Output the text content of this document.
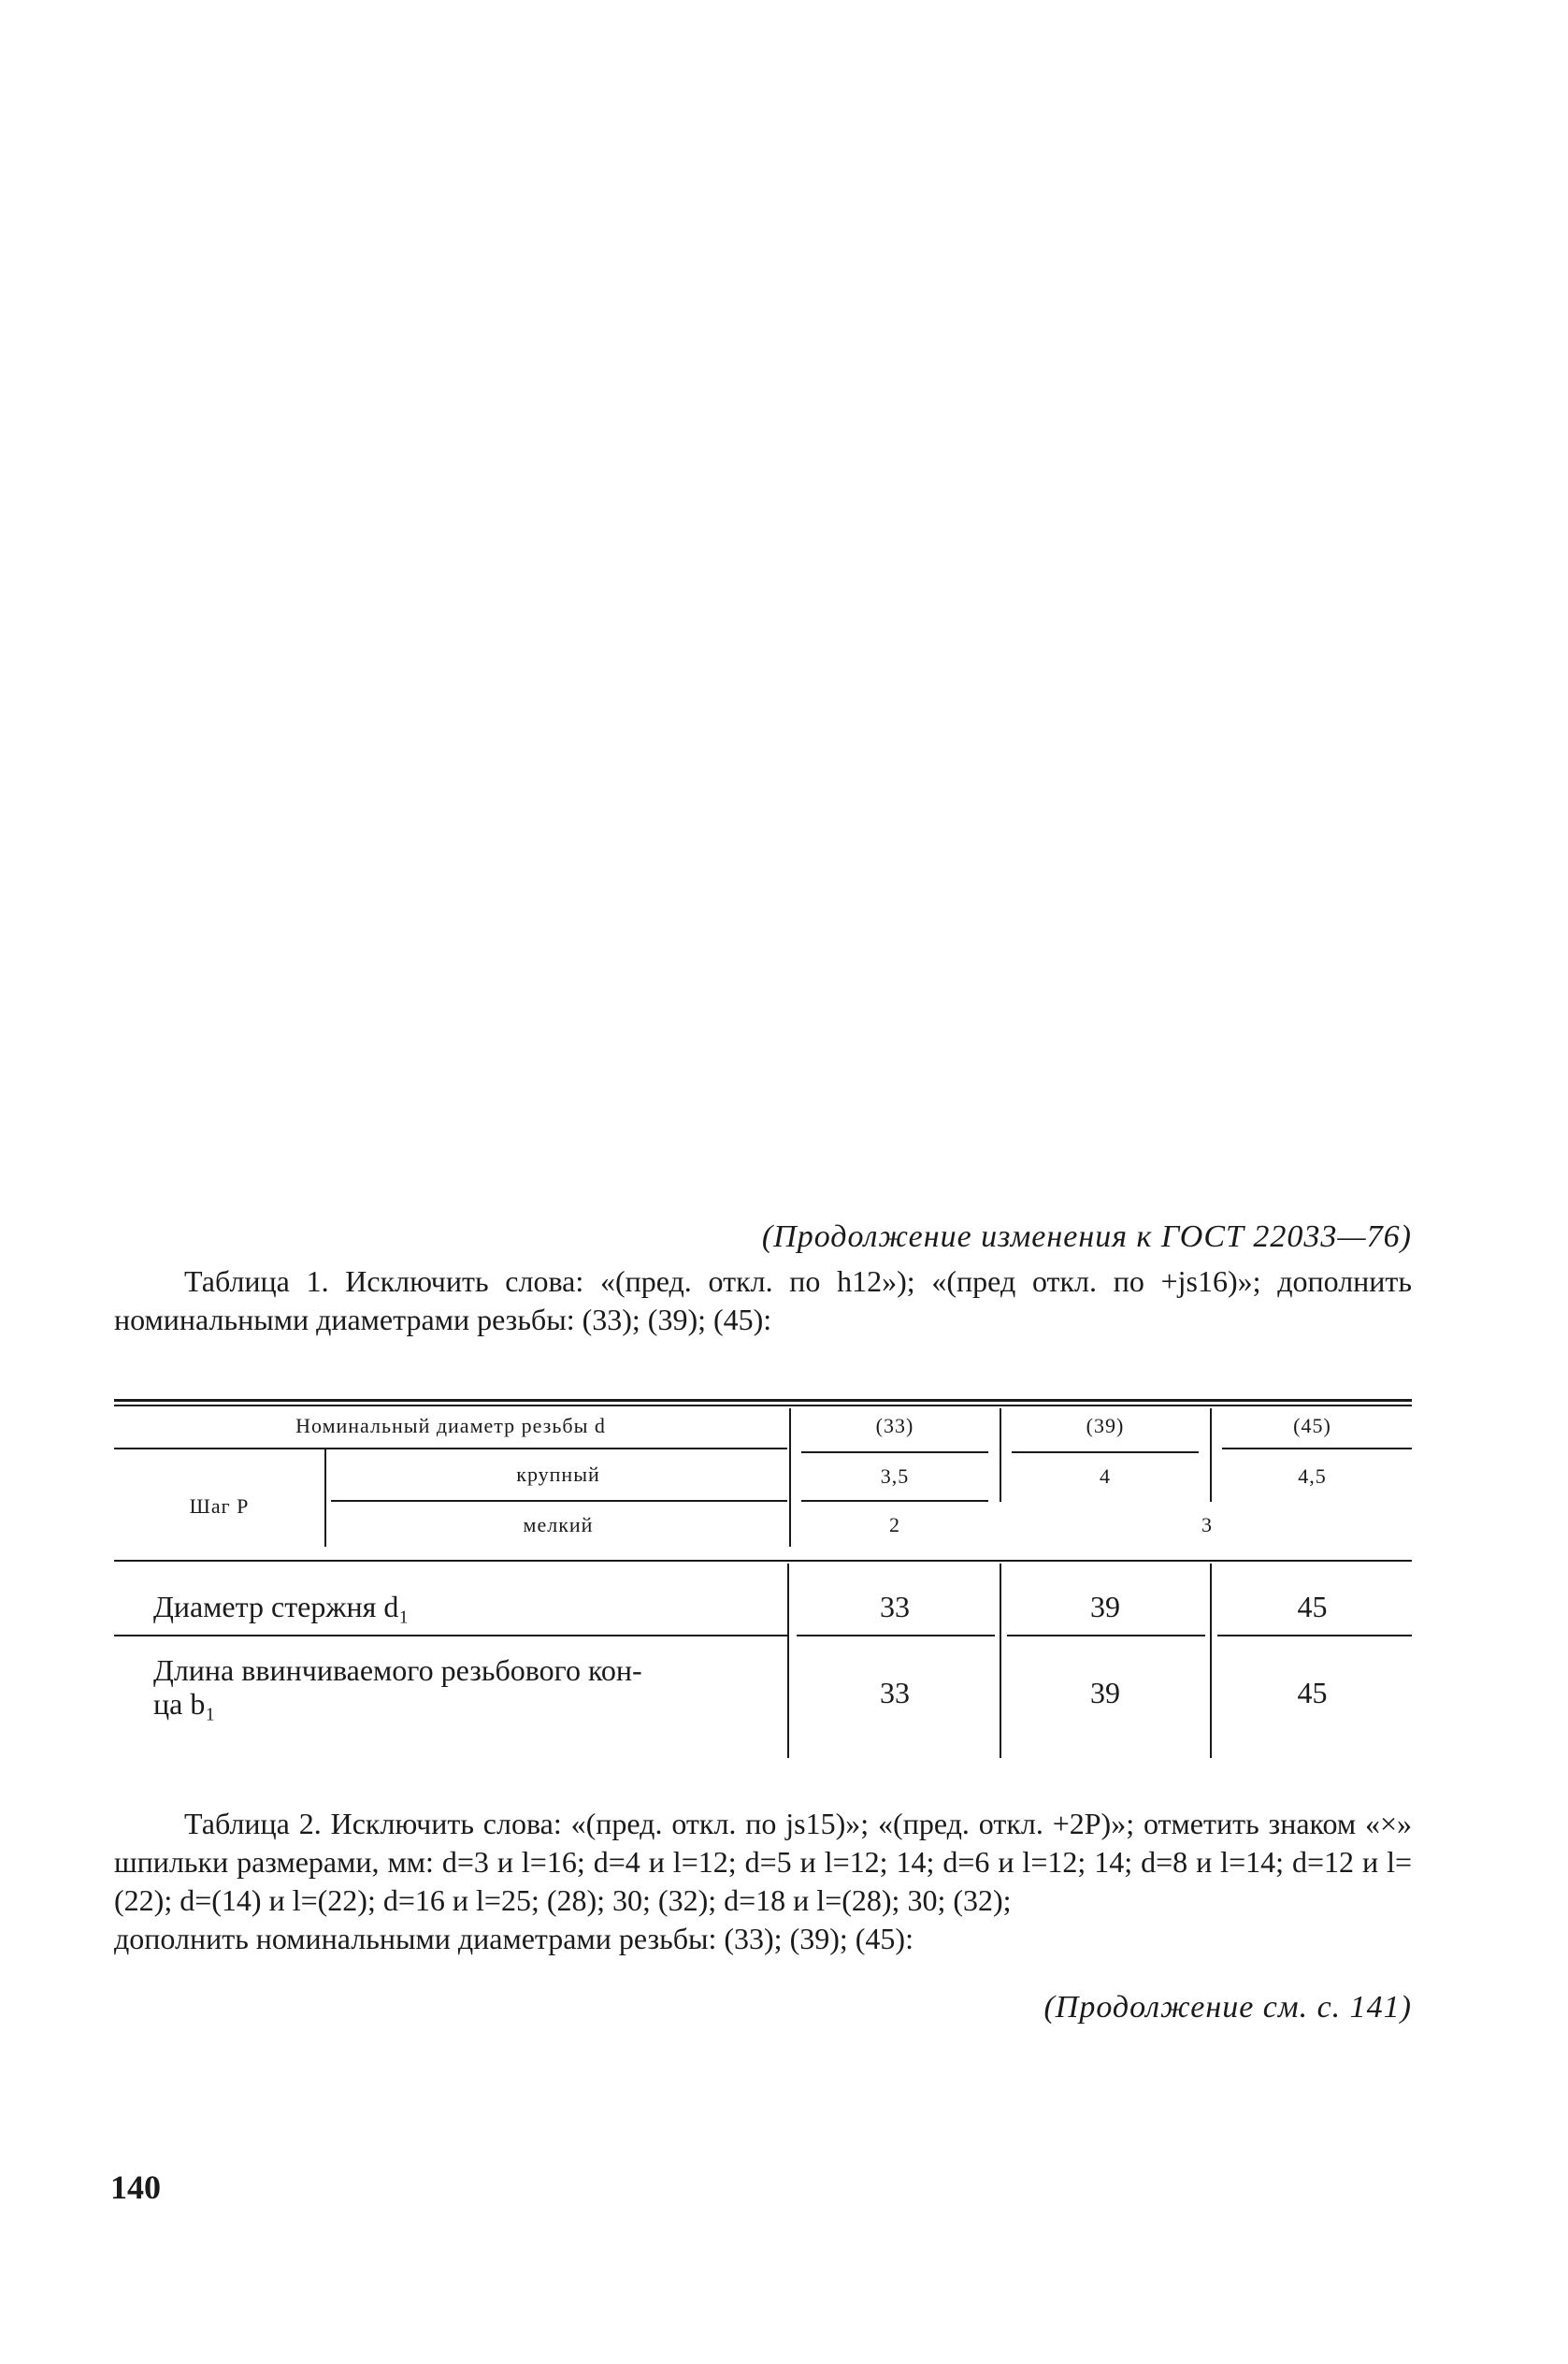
(Продолжение изменения к ГОСТ 22033—76)
Таблица 1. Исключить слова: «(пред. откл. по h12»); «(пред откл. по +js16)»; дополнить номинальными диаметрами резьбы: (33); (39); (45):
Номинальный диаметр резьбы d	(33)	(39)	(45)
Шаг P
крупный	3,5	4	4,5
мелкий	2	3
Диаметр стержня d₁	33	39	45
Длина ввинчиваемого резьбового кон-
ца b₁	33	39	45
Таблица 2. Исключить слова: «(пред. откл. по js15)»; «(пред. откл. +2P)»; отметить знаком «×» шпильки размерами, мм: d=3 и l=16; d=4 и l=12; d=5 и l=12; 14; d=6 и l=12; 14; d=8 и l=14; d=12 и l=(22); d=(14) и l=(22); d=16 и l=25; (28); 30; (32); d=18 и l=(28); 30; (32);
дополнить номинальными диаметрами резьбы: (33); (39); (45):
(Продолжение см. с. 141)
140
